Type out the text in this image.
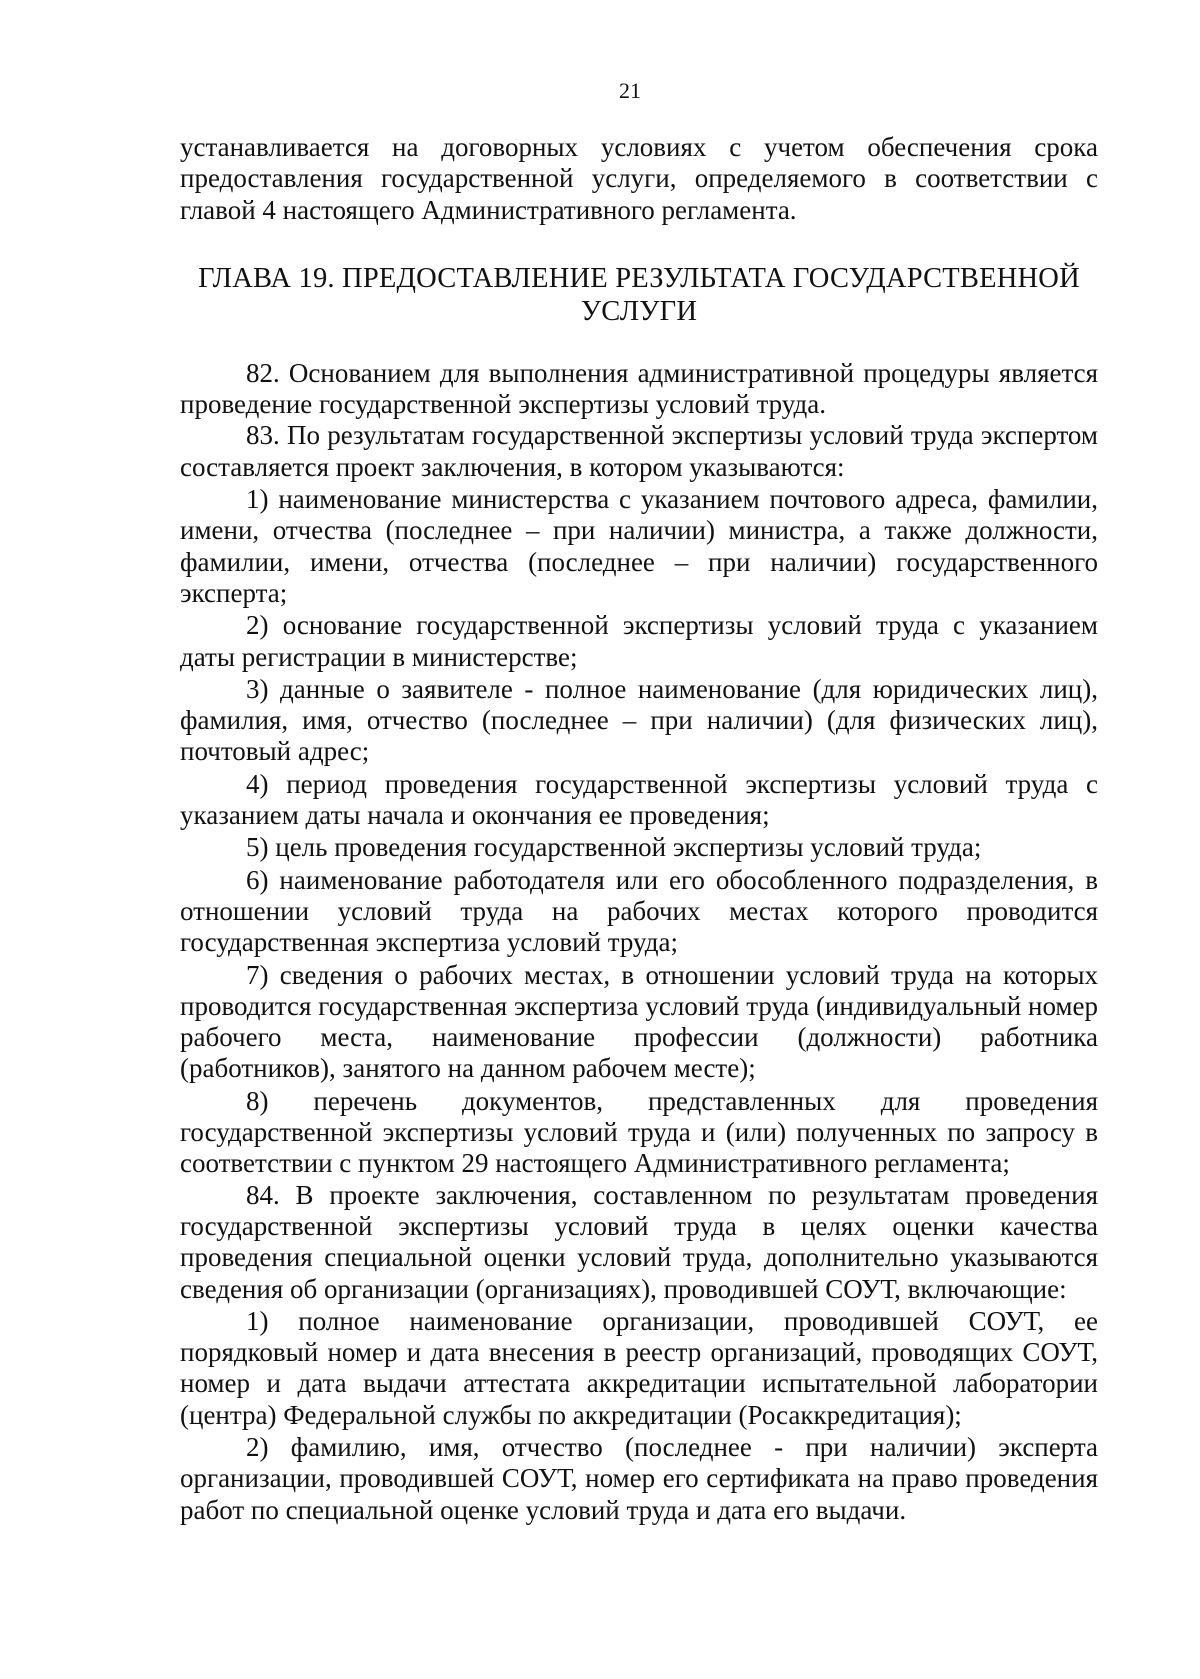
21

устанавливается на договорных условиях с учетом обеспечения срока предоставления государственной услуги, определяемого в соответствии с главой 4 настоящего Административного регламента.

ГЛАВА 19. ПРЕДОСТАВЛЕНИЕ РЕЗУЛЬТАТА ГОСУДАРСТВЕННОЙ
УСЛУГИ

82. Основанием для выполнения административной процедуры является проведение государственной экспертизы условий труда.

83. По результатам государственной экспертизы условий труда экспертом составляется проект заключения, в котором указываются:

1) наименование министерства с указанием почтового адреса, фамилии, имени, отчества (последнее – при наличии) министра, а также должности, фамилии, имени, отчества (последнее – при наличии) государственного эксперта;

2) основание государственной экспертизы условий труда с указанием даты регистрации в министерстве;

3) данные о заявителе - полное наименование (для юридических лиц), фамилия, имя, отчество (последнее – при наличии) (для физических лиц), почтовый адрес;

4) период проведения государственной экспертизы условий труда с указанием даты начала и окончания ее проведения;

5) цель проведения государственной экспертизы условий труда;

6) наименование работодателя или его обособленного подразделения, в отношении условий труда на рабочих местах которого проводится государственная экспертиза условий труда;

7) сведения о рабочих местах, в отношении условий труда на которых проводится государственная экспертиза условий труда (индивидуальный номер рабочего места, наименование профессии (должности) работника (работников), занятого на данном рабочем месте);

8) перечень документов, представленных для проведения государственной экспертизы условий труда и (или) полученных по запросу в соответствии с пунктом 29 настоящего Административного регламента;

84. В проекте заключения, составленном по результатам проведения государственной экспертизы условий труда в целях оценки качества проведения специальной оценки условий труда, дополнительно указываются сведения об организации (организациях), проводившей СОУТ, включающие:

1) полное наименование организации, проводившей СОУТ, ее порядковый номер и дата внесения в реестр организаций, проводящих СОУТ, номер и дата выдачи аттестата аккредитации испытательной лаборатории (центра) Федеральной службы по аккредитации (Росаккредитация);

2) фамилию, имя, отчество (последнее - при наличии) эксперта организации, проводившей СОУТ, номер его сертификата на право проведения работ по специальной оценке условий труда и дата его выдачи.
